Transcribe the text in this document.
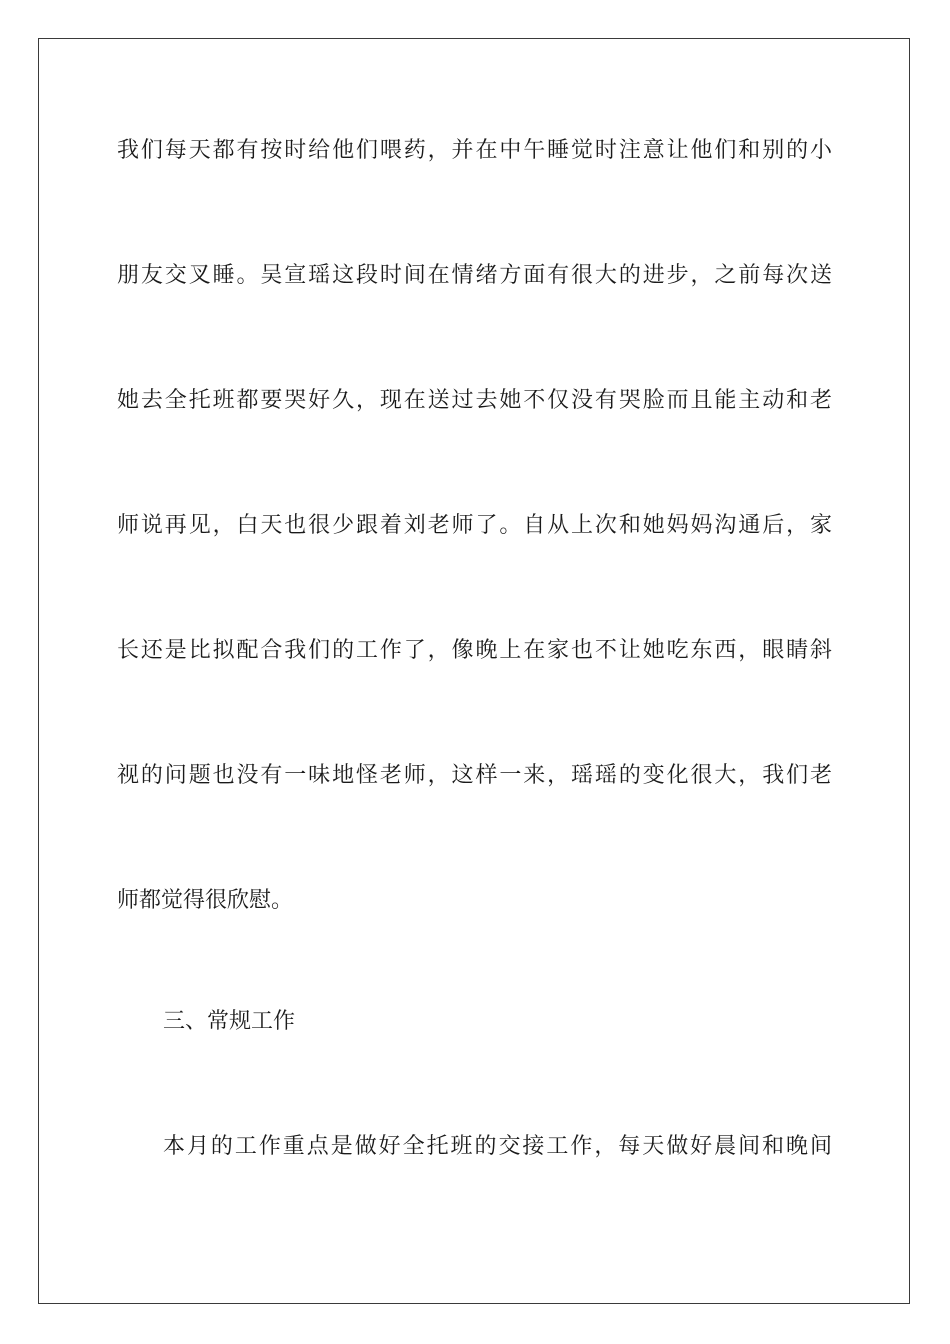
我们每天都有按时给他们喂药，并在中午睡觉时注意让他们和别的小
朋友交叉睡。吴宣瑶这段时间在情绪方面有很大的进步，之前每次送
她去全托班都要哭好久，现在送过去她不仅没有哭脸而且能主动和老
师说再见，白天也很少跟着刘老师了。自从上次和她妈妈沟通后，家
长还是比拟配合我们的工作了，像晚上在家也不让她吃东西，眼睛斜
视的问题也没有一味地怪老师，这样一来，瑶瑶的变化很大，我们老
师都觉得很欣慰。
三、常规工作
本月的工作重点是做好全托班的交接工作，每天做好晨间和晚间
